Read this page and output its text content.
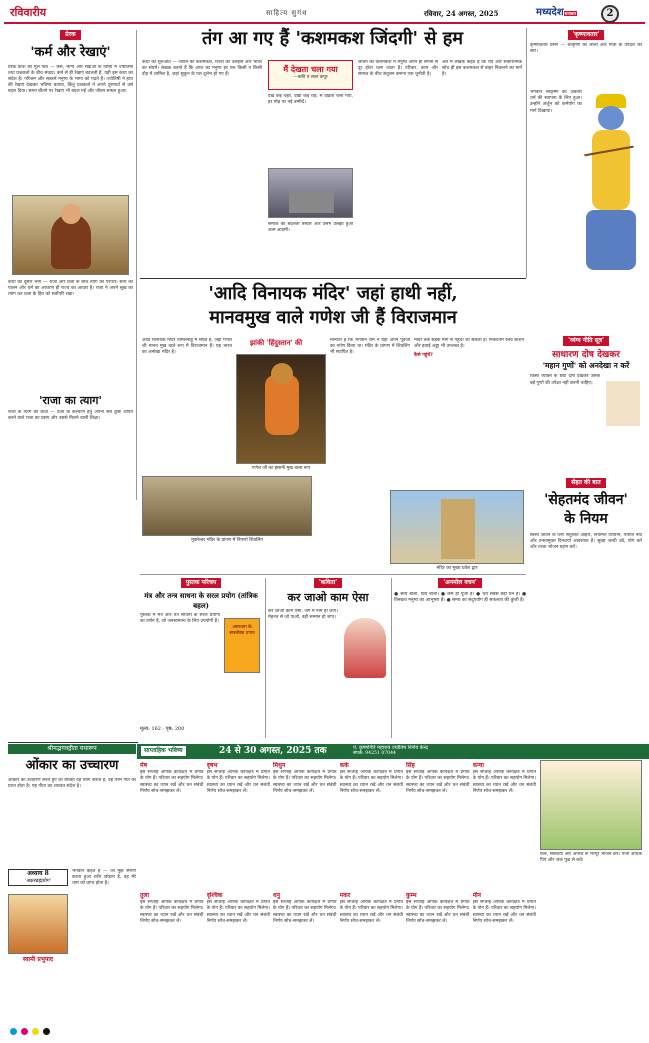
रविवारीय	साहित्य सुगंध	रविवार, 24 अगस्त, 2025	मध्यदेशसमाचार	2
प्रेरक
'कर्म और रेखाएं'
प्रेरक कथा का मूल पाठ — कर्म, भाग्य और रेखाओं के विषय में ज्योतिषी तथा प्रश्नकर्ता के बीच संवाद। कर्म से ही रेखाएं बदलती हैं, यही इस कथा का संदेश है। परिश्रम और सत्कर्म मनुष्य के भाग्य को गढ़ते हैं। ज्योतिषी ने हाथ की रेखाएं देखकर भविष्य बताया, किंतु प्रश्नकर्ता ने अपने पुरुषार्थ से उसे बदल दिया। समय बीतने पर रेखाएं भी बदल गईं और जीवन सफल हुआ।
कथा का दूसरा भाग — राजा और प्रजा के बीच त्याग की परंपरा। सत्य का पालन और धर्म का आचरण ही राज्य का आधार है। राजा ने अपने सुख का त्याग कर प्रजा के हित को सर्वोपरि रखा।
'राजा का त्याग'
राजा के त्याग की कथा — प्रजा के कल्याण हेतु अपना सब कुछ अर्पित करने वाले राजा का प्रसंग और उससे मिलने वाली शिक्षा।
तंग आ गए हैं 'कशमकश जिंदगी' से हम
कथा की शुरुआत — जीवन की कशमकश, रिश्तों की उलझनें और भीतर का संघर्ष। लेखक बताते हैं कि आज का मनुष्य हर पल किसी न किसी दौड़ में शामिल है, जहां सुकून के पल दुर्लभ हो गए हैं।
मैं देखता चला गया
—कवि व लाल कपूर
देखे कई चेहरे, देखी कई राहें, मैं देखता चला गया, हर मोड़ पर नई उम्मीदें।
समाज की बदलती तस्वीर और उसमें उलझा हुआ आम आदमी।
जीवन की कशमकश में मनुष्य अपने ही सपनों से दूर होता चला जाता है। परिवार, काम और समाज के बीच संतुलन बनाना एक चुनौती है।
अंत में लेखक कहते हैं कि धैर्य और सकारात्मक सोच ही इस कशमकश से बाहर निकलने का मार्ग है।
'कृष्णावतार'
कृष्णावतार प्रसंग — श्रीकृष्ण की लीला और गीता के उपदेश का सार।
भगवान श्रीकृष्ण का अवतार धर्म की स्थापना के लिए हुआ। उन्होंने अर्जुन को कर्मयोग का मार्ग दिखाया।
'आदि विनायक मंदिर' जहां हाथी नहीं,
मानवमुख वाले गणेश जी हैं विराजमान
आदि विनायक मंदिर तमिलनाडु में स्थित है, जहां गणेश जी मानव मुख वाले रूप में विराजमान हैं। यह भारत का अनोखा मंदिर है।
झांकी 'हिंदुस्तान' की
गणेश जी का इंसानी मुख वाला रूप
मान्यता है कि भगवान राम ने यहां अपने पूर्वजों का तर्पण किया था। मंदिर के प्रांगण में शिवलिंग भी स्थापित है।
मंदिर तक सड़क मार्ग से पहुंचा जा सकता है। निकटतम रेलवे स्टेशन और हवाई अड्डा भी उपलब्ध है।
कैसे पहुंचें?
मुक्तेश्वर मंदिर के प्रांगण में त्रिपर्णा शिवलिंग
मंदिर का मुख्य प्रवेश द्वार
'व्यंग्य नीति सूत्र'
साधारण दोष देखकर
'महान गुणों' को अनदेखा न करें
किसी व्यक्ति के छोटे दोष देखकर उसके बड़े गुणों की उपेक्षा नहीं करनी चाहिए।
सेहत की बात
'सेहतमंद जीवन'
के नियम
स्वस्थ जीवन के लिए संतुलित आहार, नियमित व्यायाम, पर्याप्त नींद और तनावमुक्त दिनचर्या आवश्यक है। सुबह जल्दी उठें, योग करें और ताजा भोजन ग्रहण करें।
पुस्तक परिचय
मंत्र और तन्त्र साधना के सरल प्रयोग (तांत्रिक बहल)
पुस्तक में मंत्र और तंत्र साधना के सरल प्रयोगों का वर्णन है, जो जनसामान्य के लिए उपयोगी है।
आराधना के शास्त्रोक्त उपाय
मूल्य: 162 · पृष्ठ: 200
'कविता'
कर जाओ काम ऐसा
कर जाओ काम ऐसा, जग में नाम हो जाए। मेहनत से जो पाओ, वही सम्मान हो जाए।
'अनमोल वचन'
● सत्य बोलो, प्रिय बोलो। ● कर्म ही पूजा है। ● धैर्य सबसे बड़ा धन है। ● विनम्रता मनुष्य का आभूषण है। ● समय का सदुपयोग ही सफलता की कुंजी है।
श्रीमद्भगवद्गीता यथारूप
ओंकार का उच्चारण
ओंकार का उच्चारण करते हुए जो व्यक्ति देह त्याग करता है, वह परम गति को प्राप्त होता है। यह गीता का शाश्वत संदेश है।
अध्याय 8
'अक्षरब्रह्मयोग'
स्वामी प्रभुपाद
भगवान कहते हैं — जो मुझे स्मरण करता हुआ शरीर छोड़ता है, वह मेरे धाम को प्राप्त होता है।
साप्ताहिक भविष्य	24 से 30 अगस्त, 2025 तक	पं. कृष्णगिरि महाशय ज्योतिष निर्णय केन्द्र
संपर्क: 94251 07044
मेष
इस सप्ताह आपके कार्यक्षेत्र में प्रगति के योग हैं। परिवार का सहयोग मिलेगा। स्वास्थ्य का ध्यान रखें और धन संबंधी निर्णय सोच-समझकर लें।
वृषभ
इस सप्ताह आपके कार्यक्षेत्र में प्रगति के योग हैं। परिवार का सहयोग मिलेगा। स्वास्थ्य का ध्यान रखें और धन संबंधी निर्णय सोच-समझकर लें।
मिथुन
इस सप्ताह आपके कार्यक्षेत्र में प्रगति के योग हैं। परिवार का सहयोग मिलेगा। स्वास्थ्य का ध्यान रखें और धन संबंधी निर्णय सोच-समझकर लें।
कर्क
इस सप्ताह आपके कार्यक्षेत्र में प्रगति के योग हैं। परिवार का सहयोग मिलेगा। स्वास्थ्य का ध्यान रखें और धन संबंधी निर्णय सोच-समझकर लें।
सिंह
इस सप्ताह आपके कार्यक्षेत्र में प्रगति के योग हैं। परिवार का सहयोग मिलेगा। स्वास्थ्य का ध्यान रखें और धन संबंधी निर्णय सोच-समझकर लें।
कन्या
इस सप्ताह आपके कार्यक्षेत्र में प्रगति के योग हैं। परिवार का सहयोग मिलेगा। स्वास्थ्य का ध्यान रखें और धन संबंधी निर्णय सोच-समझकर लें।
तुला
इस सप्ताह आपके कार्यक्षेत्र में प्रगति के योग हैं। परिवार का सहयोग मिलेगा। स्वास्थ्य का ध्यान रखें और धन संबंधी निर्णय सोच-समझकर लें।
वृश्चिक
इस सप्ताह आपके कार्यक्षेत्र में प्रगति के योग हैं। परिवार का सहयोग मिलेगा। स्वास्थ्य का ध्यान रखें और धन संबंधी निर्णय सोच-समझकर लें।
धनु
इस सप्ताह आपके कार्यक्षेत्र में प्रगति के योग हैं। परिवार का सहयोग मिलेगा। स्वास्थ्य का ध्यान रखें और धन संबंधी निर्णय सोच-समझकर लें।
मकर
इस सप्ताह आपके कार्यक्षेत्र में प्रगति के योग हैं। परिवार का सहयोग मिलेगा। स्वास्थ्य का ध्यान रखें और धन संबंधी निर्णय सोच-समझकर लें।
कुम्भ
इस सप्ताह आपके कार्यक्षेत्र में प्रगति के योग हैं। परिवार का सहयोग मिलेगा। स्वास्थ्य का ध्यान रखें और धन संबंधी निर्णय सोच-समझकर लें।
मीन
इस सप्ताह आपके कार्यक्षेत्र में प्रगति के योग हैं। परिवार का सहयोग मिलेगा। स्वास्थ्य का ध्यान रखें और धन संबंधी निर्णय सोच-समझकर लें।
फल, सब्जियां और अनाज से भरपूर भोजन करें। पानी अधिक पिएं और जंक फूड से बचें।
